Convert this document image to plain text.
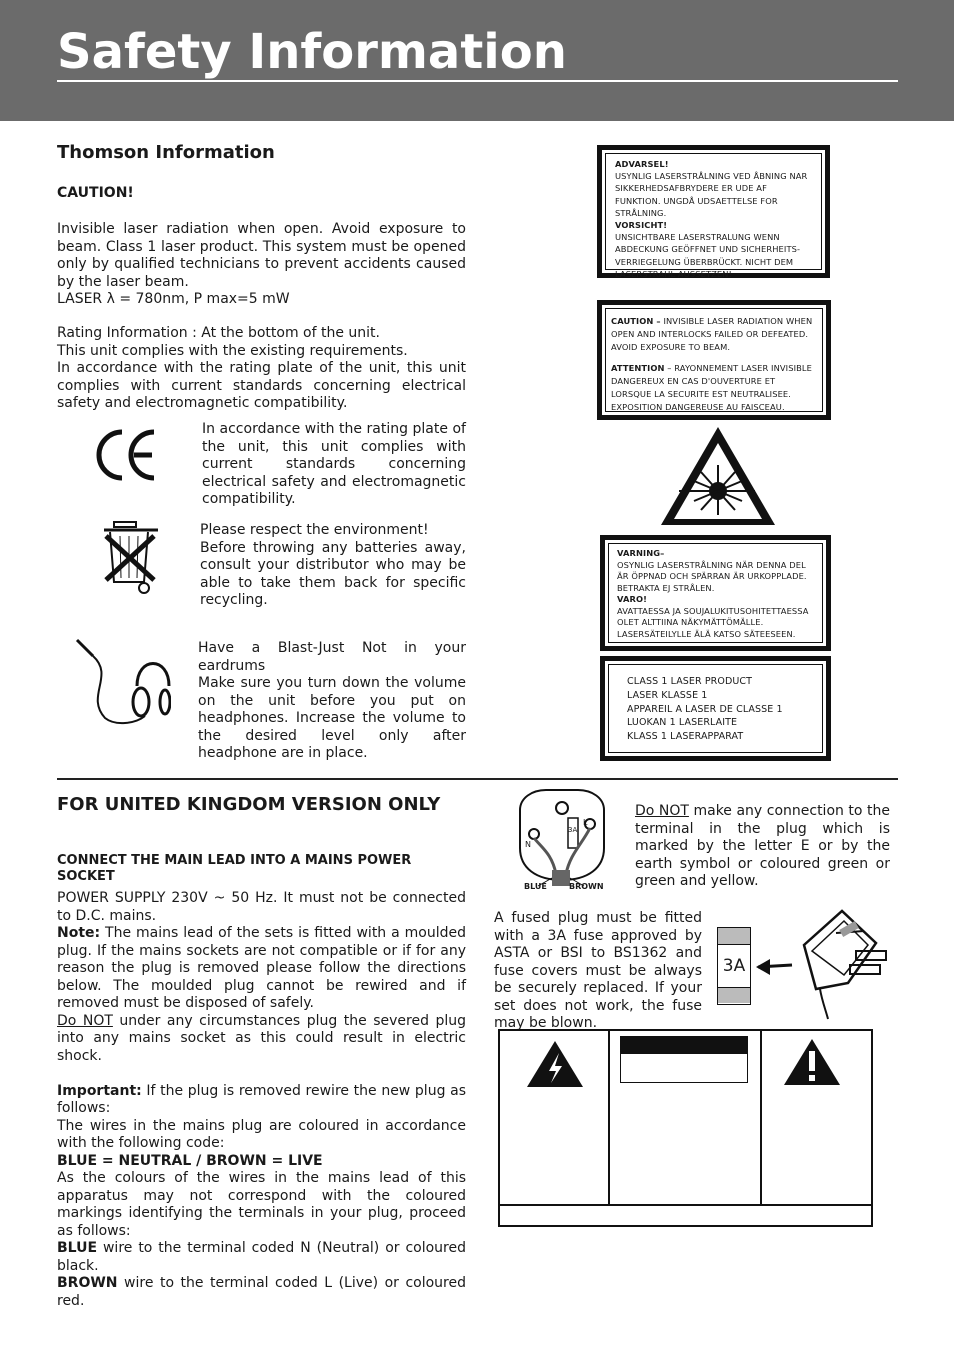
Safety Information
Thomson Information
CAUTION!

Invisible laser radiation when open. Avoid exposure to beam. Class 1 laser product. This system must be opened only by qualified technicians to prevent accidents caused by the laser beam.

LASER λ = 780nm, P max=5 mW

Rating Information : At the bottom of the unit.

This unit complies with the existing requirements.

In accordance with the rating plate of the unit, this unit complies with current standards concerning electrical safety and electromagnetic compatibility.

In accordance with the rating plate of the unit, this unit complies with current standards concerning electrical safety and electromagnetic compatibility.

Please respect the environment!

Before throwing any batteries away, consult your distributor who may be able to take them back for specific recycling.

Have a Blast-Just Not in your eardrums

Make sure you turn down the volume on the unit before you put on headphones. Increase the volume to the desired level only after headphone are in place.

ADVARSEL!
USYNLIG LASERSTRÅLNING VED ÅBNING NAR SIKKERHEDSAFBRYDERE ER UDE AF FUNKTION. UNGDÅ UDSAETTELSE FOR STRÅLNING.
VORSICHT!
UNSICHTBARE LASERSTRALUNG WENN ABDECKUNG GEÖFFNET UND SICHERHEITS-VERRIEGELUNG ÜBERBRÜCKT. NICHT DEM LASERSTRAHL AUSSETZEN!
CAUTION – INVISIBLE LASER RADIATION WHEN OPEN AND INTERLOCKS FAILED OR DEFEATED. AVOID EXPOSURE TO BEAM.

ATTENTION – RAYONNEMENT LASER INVISIBLE DANGEREUX EN CAS D'OUVERTURE ET LORSQUE LA SECURITE EST NEUTRALISEE. EXPOSITION DANGEREUSE AU FAISCEAU.
VARNING–
OSYNLIG LASERSTRÅLNING NÄR DENNA DEL ÄR ÖPPNAD OCH SPÄRRAN ÄR URKOPPLADE. BETRAKTA EJ STRÅLEN.
VARO!
AVATTAESSA JA SOUJALUKITUSOHITETTAESSA OLET ALTTIINA NÄKYMÄTTÖMÄLLE. LASERSÄTEILYLLE ÄLÄ KATSO SÄTEESEEN.
CLASS 1 LASER PRODUCT
LASER KLASSE 1
APPAREIL A LASER DE CLASSE 1
LUOKAN 1 LASERLAITE
KLASS 1 LASERAPPARAT
FOR UNITED KINGDOM VERSION ONLY
CONNECT THE MAIN LEAD INTO A MAINS POWER SOCKET

POWER SUPPLY 230V ~ 50 Hz. It must not be connected to D.C. mains.

Note: The mains lead of the sets is fitted with a moulded plug. If the mains sockets are not compatible or if for any reason the plug is removed please follow the directions below. The moulded plug cannot be rewired and if removed must be disposed of safely.

Do NOT under any circumstances plug the severed plug into any mains socket as this could result in electric shock.

Important: If the plug is removed rewire the new plug as follows:

The wires in the mains plug are coloured in accordance with the following code:

BLUE = NEUTRAL / BROWN = LIVE

As the colours of the wires in the mains lead of this apparatus may not correspond with the coloured markings identifying the terminals in your plug, proceed as follows:

BLUE wire to the terminal coded N (Neutral) or coloured black.

BROWN wire to the terminal coded L (Live) or coloured red.

N
L
3A
BLUE	BROWN
Do NOT make any connection to the terminal in the plug which is marked by the letter E or by the earth symbol or coloured green or green and yellow.
A fused plug must be fitted with a 3A fuse approved by ASTA or BSI to BS1362 and fuse covers must be always be securely replaced. If your set does not work, the fuse may be blown.
3A
